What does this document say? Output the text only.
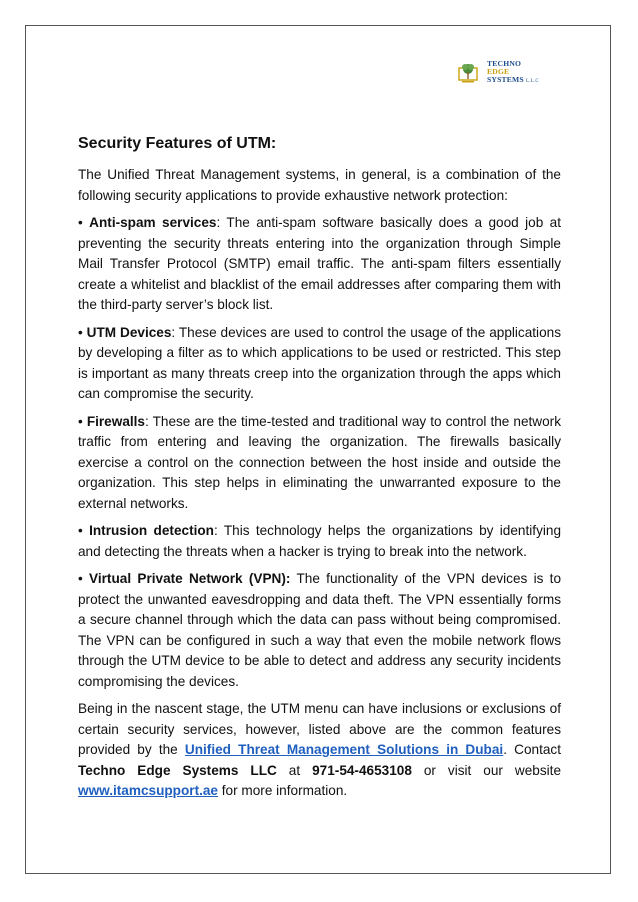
TECHNO
EDGE
SYSTEMS L.L.C
Security Features of UTM:

The Unified Threat Management systems, in general, is a combination of the following security applications to provide exhaustive network protection:

• Anti-spam services: The anti-spam software basically does a good job at preventing the security threats entering into the organization through Simple Mail Transfer Protocol (SMTP) email traffic. The anti-spam filters essentially create a whitelist and blacklist of the email addresses after comparing them with the third-party server’s block list.

• UTM Devices: These devices are used to control the usage of the applications by developing a filter as to which applications to be used or restricted. This step is important as many threats creep into the organization through the apps which can compromise the security.

• Firewalls: These are the time-tested and traditional way to control the network traffic from entering and leaving the organization. The firewalls basically exercise a control on the connection between the host inside and outside the organization. This step helps in eliminating the unwarranted exposure to the external networks.

• Intrusion detection: This technology helps the organizations by identifying and detecting the threats when a hacker is trying to break into the network.

• Virtual Private Network (VPN): The functionality of the VPN devices is to protect the unwanted eavesdropping and data theft. The VPN essentially forms a secure channel through which the data can pass without being compromised. The VPN can be configured in such a way that even the mobile network flows through the UTM device to be able to detect and address any security incidents compromising the devices.

Being in the nascent stage, the UTM menu can have inclusions or exclusions of certain security services, however, listed above are the common features provided by the Unified Threat Management Solutions in Dubai. Contact Techno Edge Systems LLC at 971-54-4653108 or visit our website www.itamcsupport.ae for more information.
